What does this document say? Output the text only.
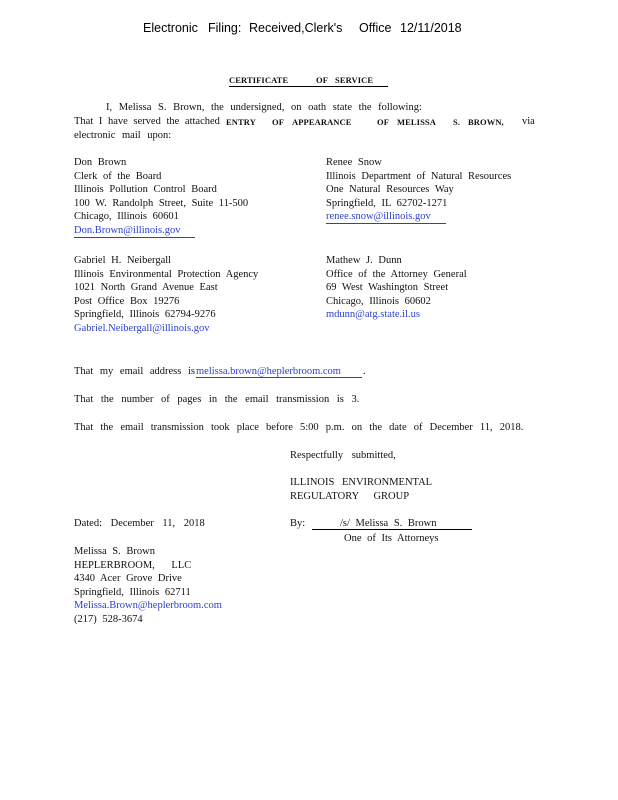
Electronic Filing: Received,Clerk's Office 12/11/2018
CERTIFICATE	OF SERVICE
I, Melissa S. Brown, the undersigned, on oath state the following:
That I have served the attached ENTRY OF APPEARANCE	OF MELISSA S. BROWN, via
electronic mail upon:
Don Brown
Clerk of the Board
Illinois Pollution Control Board
100 W. Randolph Street, Suite 11-500
Chicago, Illinois 60601
Don.Brown@illinois.gov
Renee Snow
Illinois Department of Natural Resources
One Natural Resources Way
Springfield, IL 62702-1271
renee.snow@illinois.gov
Gabriel H. Neibergall
Illinois Environmental Protection Agency
1021 North Grand Avenue East
Post Office Box 19276
Springfield, Illinois 62794-9276
Gabriel.Neibergall@illinois.gov
Mathew J. Dunn
Office of the Attorney General
69 West Washington Street
Chicago, Illinois 60602
mdunn@atg.state.il.us
That my email address is melissa.brown@heplerbroom.com .
That the number of pages in the email transmission is 3.
That the email transmission took place before 5:00 p.m. on the date of December 11, 2018.
Respectfully submitted,
ILLINOIS ENVIRONMENTAL
REGULATORY GROUP
Dated: December 11, 2018	By:	/s/ Melissa S. Brown
One of Its Attorneys
Melissa S. Brown
HEPLERBROOM, LLC
4340 Acer Grove Drive
Springfield, Illinois 62711
Melissa.Brown@heplerbroom.com
(217) 528-3674
